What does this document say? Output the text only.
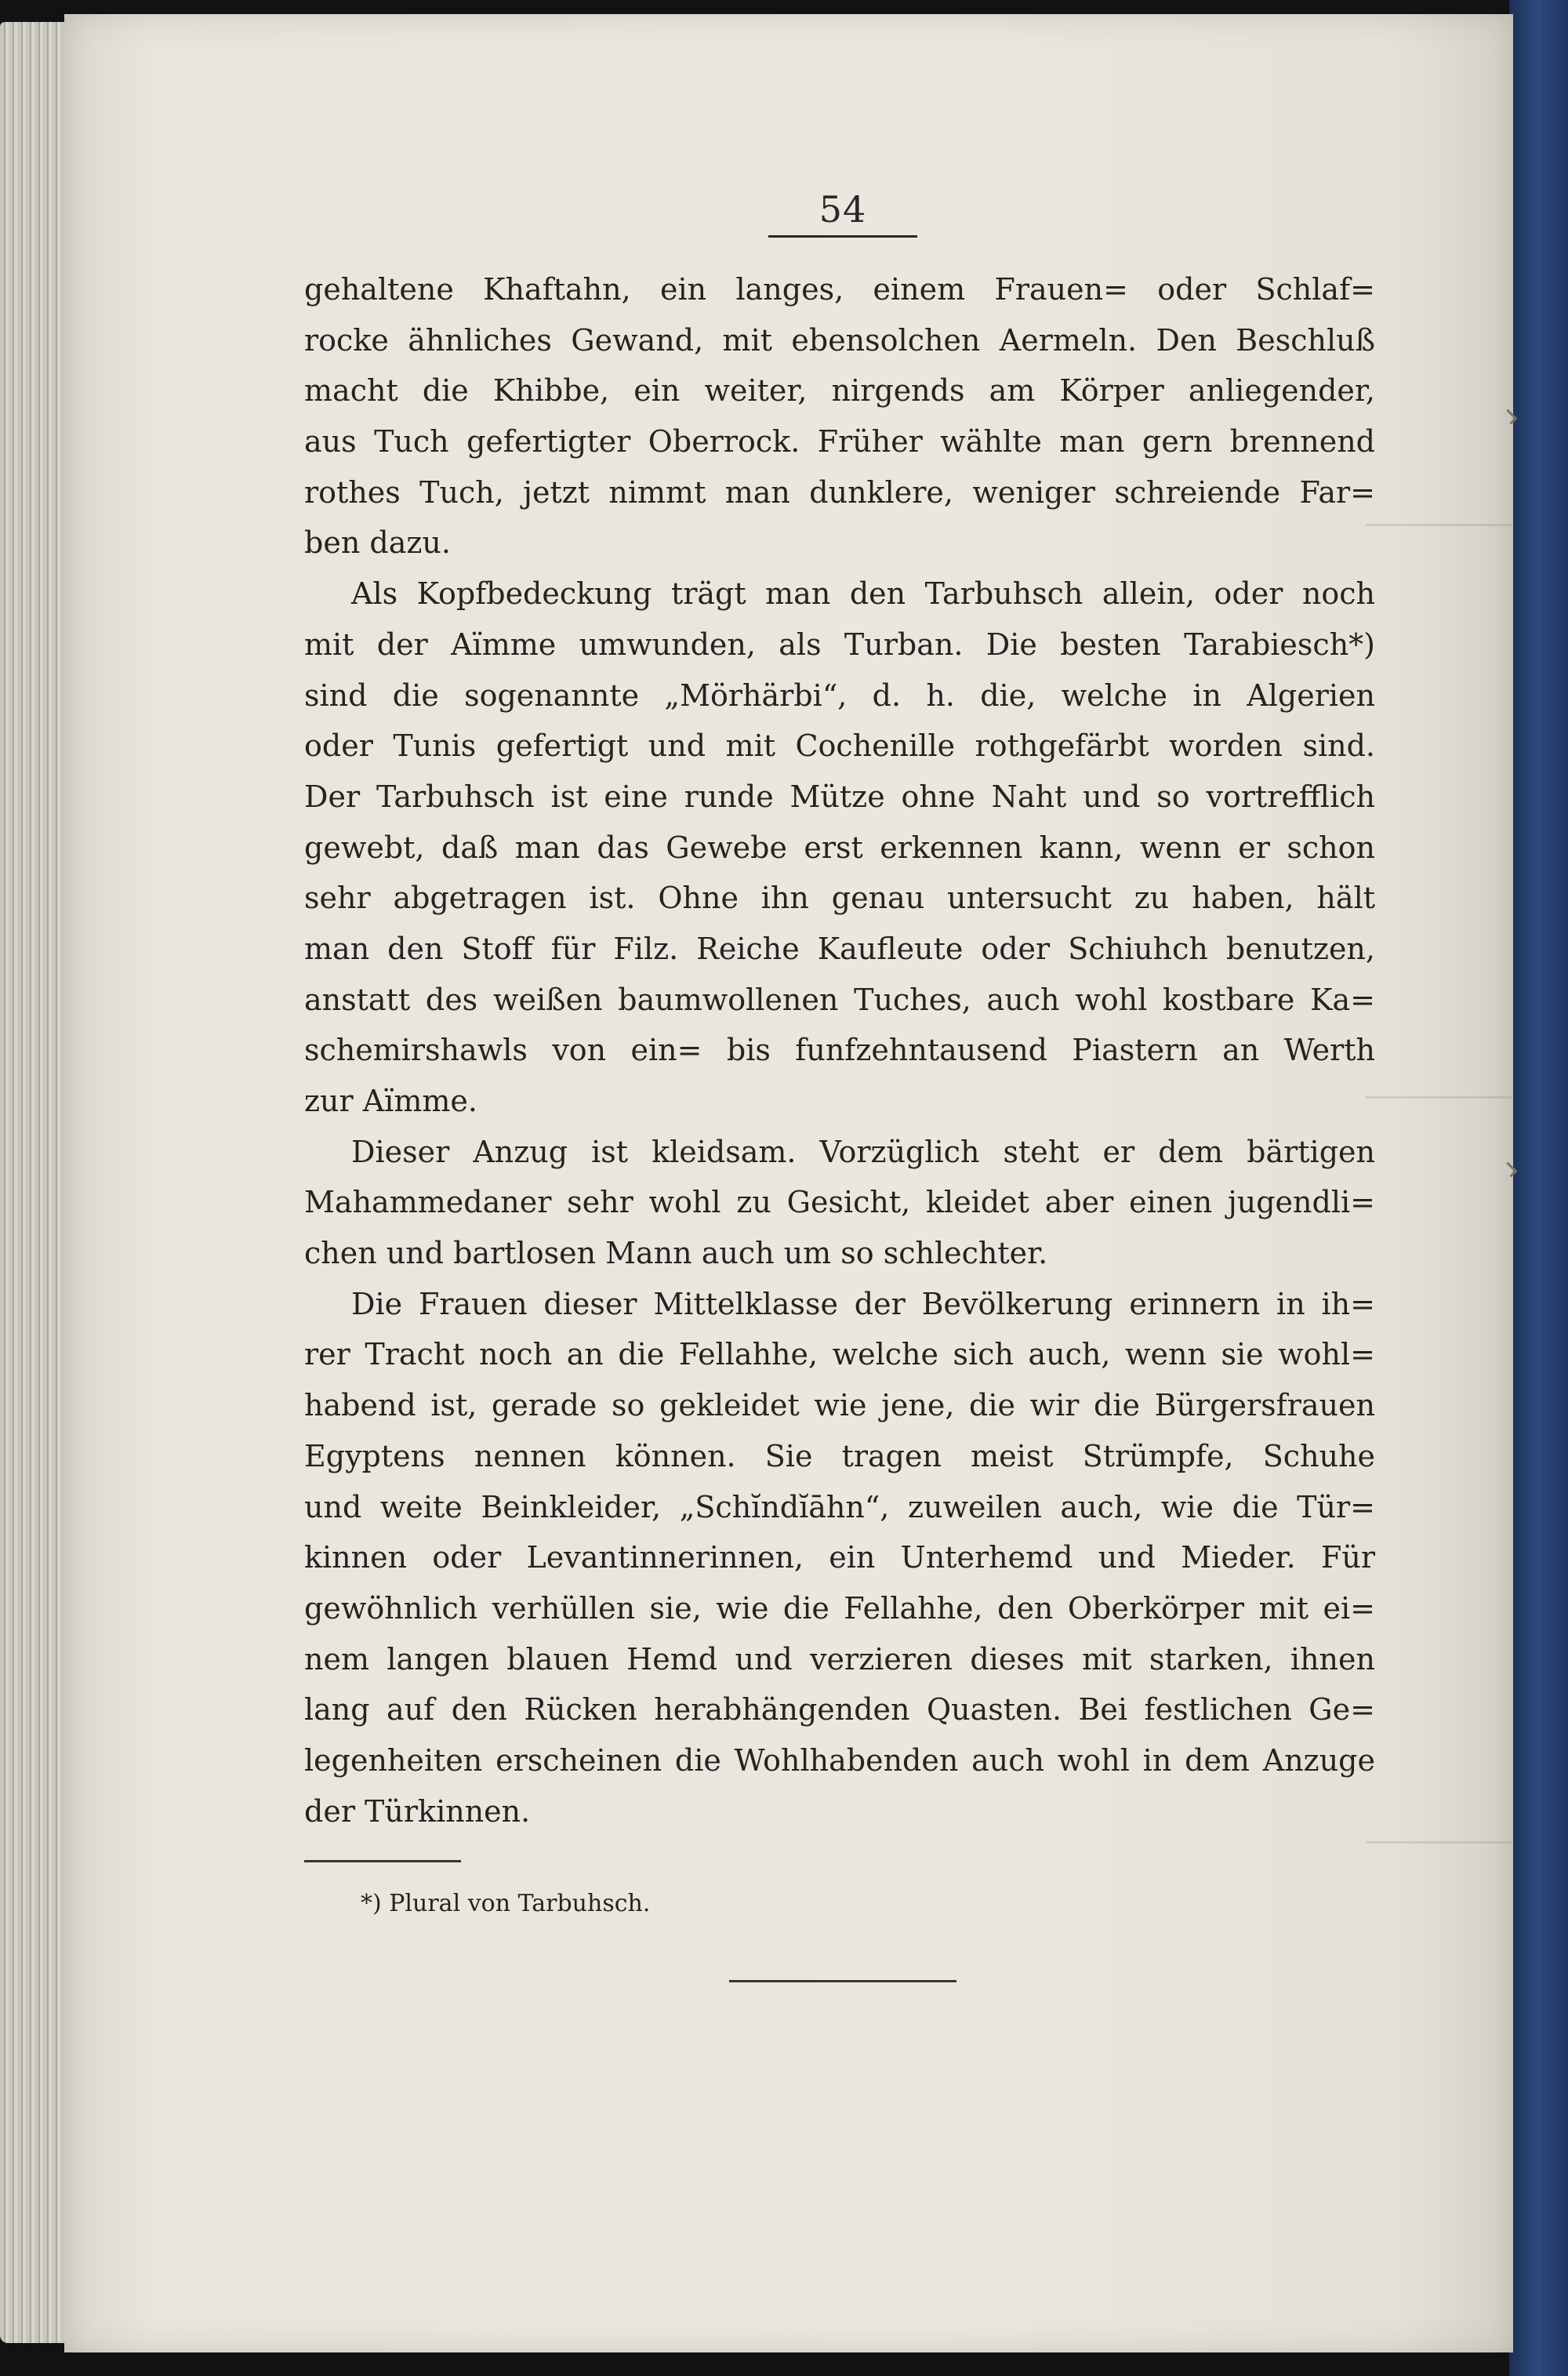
54
gehaltene Khaftahn, ein langes, einem Frauen= oder Schlaf=
rocke ähnliches Gewand, mit ebensolchen Aermeln. Den Beschluß
macht die Khibbe, ein weiter, nirgends am Körper anliegender,
aus Tuch gefertigter Oberrock. Früher wählte man gern brennend
rothes Tuch, jetzt nimmt man dunklere, weniger schreiende Far=
ben dazu.
Als Kopfbedeckung trägt man den Tarbuhsch allein, oder noch
mit der Aïmme umwunden, als Turban. Die besten Tarabiesch*)
sind die sogenannte „Mörhärbi“, d. h. die, welche in Algerien
oder Tunis gefertigt und mit Cochenille rothgefärbt worden sind.
Der Tarbuhsch ist eine runde Mütze ohne Naht und so vortrefflich
gewebt, daß man das Gewebe erst erkennen kann, wenn er schon
sehr abgetragen ist. Ohne ihn genau untersucht zu haben, hält
man den Stoff für Filz. Reiche Kaufleute oder Schiuhch benutzen,
anstatt des weißen baumwollenen Tuches, auch wohl kostbare Ka=
schemirshawls von ein= bis funfzehntausend Piastern an Werth
zur Aïmme.
Dieser Anzug ist kleidsam. Vorzüglich steht er dem bärtigen
Mahammedaner sehr wohl zu Gesicht, kleidet aber einen jugendli=
chen und bartlosen Mann auch um so schlechter.
Die Frauen dieser Mittelklasse der Bevölkerung erinnern in ih=
rer Tracht noch an die Fellahhe, welche sich auch, wenn sie wohl=
habend ist, gerade so gekleidet wie jene, die wir die Bürgersfrauen
Egyptens nennen können. Sie tragen meist Strümpfe, Schuhe
und weite Beinkleider, „Schĭndĭāhn“, zuweilen auch, wie die Tür=
kinnen oder Levantinnerinnen, ein Unterhemd und Mieder. Für
gewöhnlich verhüllen sie, wie die Fellahhe, den Oberkörper mit ei=
nem langen blauen Hemd und verzieren dieses mit starken, ihnen
lang auf den Rücken herabhängenden Quasten. Bei festlichen Ge=
legenheiten erscheinen die Wohlhabenden auch wohl in dem Anzuge
der Türkinnen.
*) Plural von Tarbuhsch.
